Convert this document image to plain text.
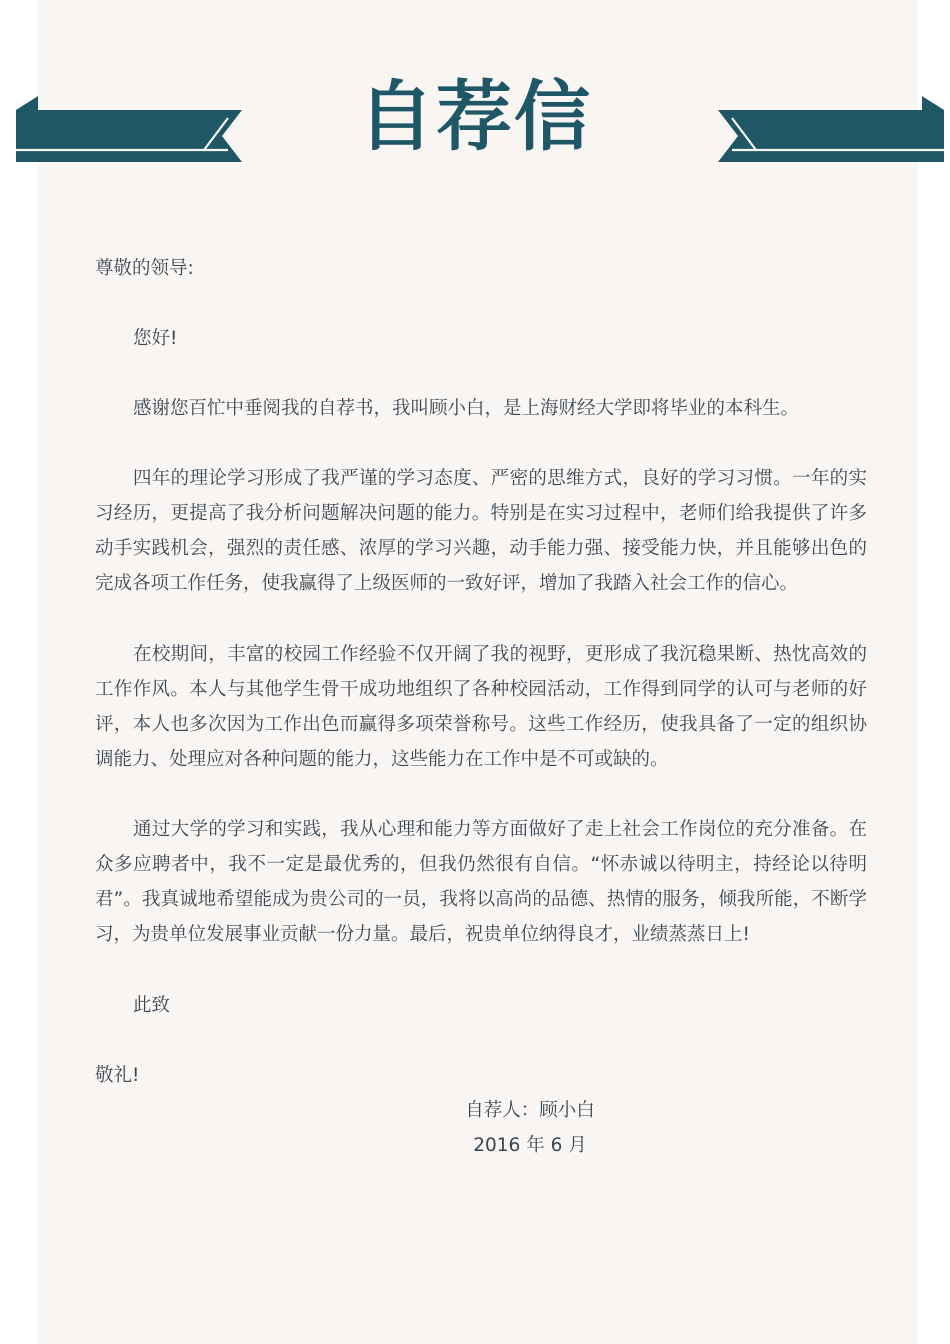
自荐信
尊敬的领导:
您好!

感谢您百忙中垂阅我的自荐书，我叫顾小白，是上海财经大学即将毕业的本科生。

四年的理论学习形成了我严谨的学习态度、严密的思维方式，良好的学习习惯。一年的实习经历，更提高了我分析问题解决问题的能力。特别是在实习过程中，老师们给我提供了许多动手实践机会，强烈的责任感、浓厚的学习兴趣，动手能力强、接受能力快，并且能够出色的完成各项工作任务，使我赢得了上级医师的一致好评，增加了我踏入社会工作的信心。

在校期间，丰富的校园工作经验不仅开阔了我的视野，更形成了我沉稳果断、热忱高效的工作作风。本人与其他学生骨干成功地组织了各种校园活动，工作得到同学的认可与老师的好评，本人也多次因为工作出色而赢得多项荣誉称号。这些工作经历，使我具备了一定的组织协调能力、处理应对各种问题的能力，这些能力在工作中是不可或缺的。

通过大学的学习和实践，我从心理和能力等方面做好了走上社会工作岗位的充分准备。在众多应聘者中，我不一定是最优秀的，但我仍然很有自信。“怀赤诚以待明主，持经论以待明君”。我真诚地希望能成为贵公司的一员，我将以高尚的品德、热情的服务，倾我所能，不断学习，为贵单位发展事业贡献一份力量。最后，祝贵单位纳得良才，业绩蒸蒸日上!

此致
敬礼!
自荐人：顾小白
2016 年 6 月
